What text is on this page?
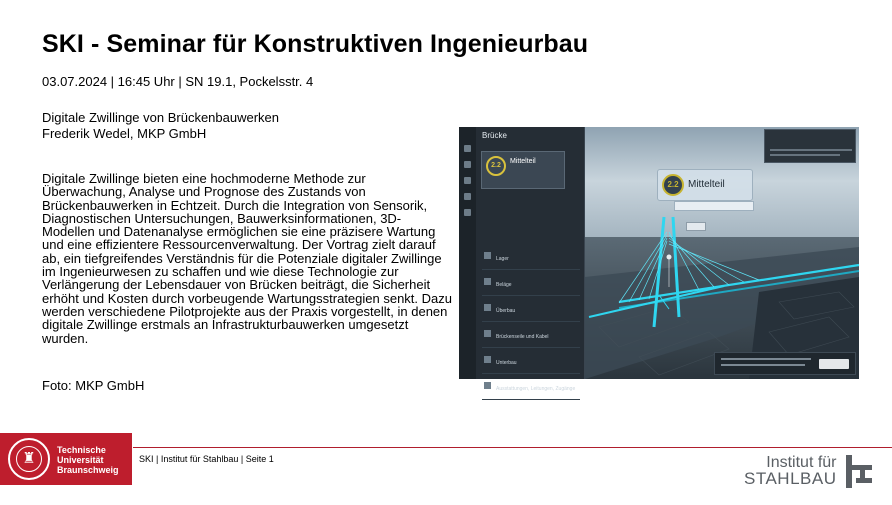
SKI - Seminar für Konstruktiven Ingenieurbau
03.07.2024 | 16:45 Uhr | SN 19.1, Pockelsstr. 4
Digitale Zwillinge von Brückenbauwerken
Frederik Wedel, MKP GmbH
Digitale Zwillinge bieten eine hochmoderne Methode zur Überwachung, Analyse und Prognose des Zustands von Brückenbauwerken in Echtzeit. Durch die Integration von Sensorik, Diagnostischen Untersuchungen, Bauwerksinformationen, 3D-Modellen und Datenanalyse ermöglichen sie eine präzisere Wartung und eine effizientere Ressourcenverwaltung. Der Vortrag zielt darauf ab, ein tiefgreifendes Verständnis für die Potenziale digitaler Zwillinge im Ingenieurwesen zu schaffen und wie diese Technologie zur Verlängerung der Lebensdauer von Brücken beiträgt, die Sicherheit erhöht und Kosten durch vorbeugende Wartungsstrategien senkt. Dazu werden verschiedene Pilotprojekte aus der Praxis vorgestellt, in denen digitale Zwillinge erstmals an Infrastrukturbauwerken umgesetzt wurden.
Foto: MKP GmbH
Brücke
2.2
Mittelteil
Lager
Beläge
Überbau
Brückenseile und Kabel
Unterbau
Ausstattungen, Leitungen, Zugänge
2.2 Mittelteil
♜ Technische
Universität
Braunschweig
SKI | Institut für Stahlbau | Seite 1	Institut für
STAHLBAU
